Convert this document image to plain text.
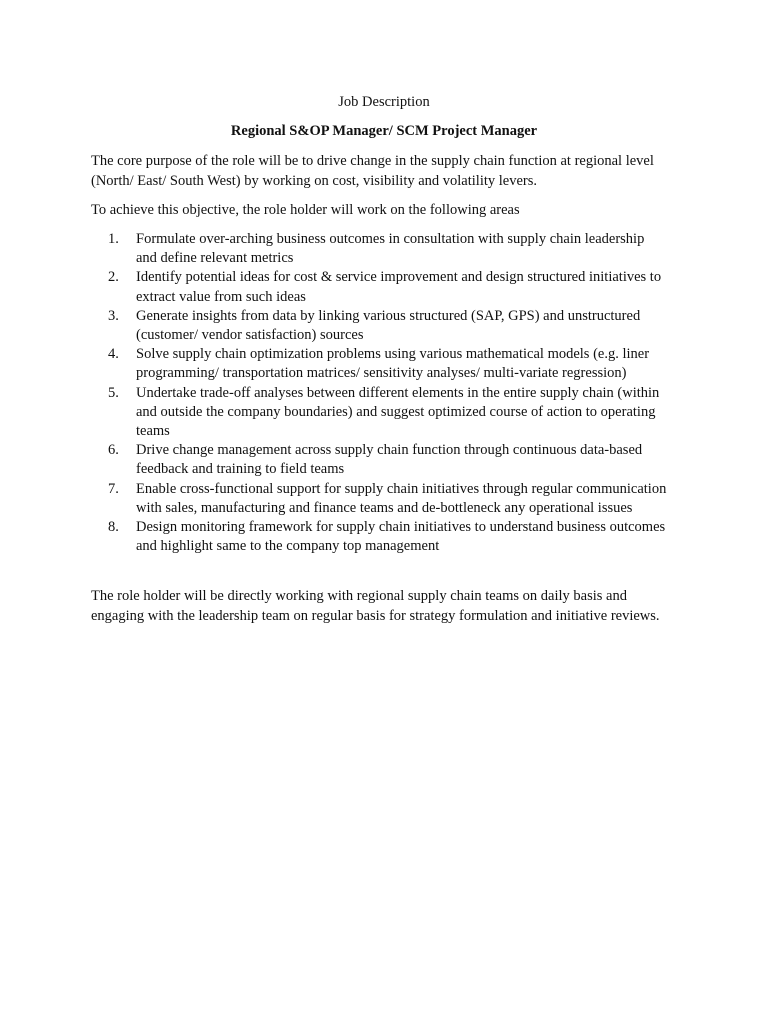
Job Description
Regional S&OP Manager/ SCM Project Manager

The core purpose of the role will be to drive change in the supply chain function at regional level (North/ East/ South West) by working on cost, visibility and volatility levers.

To achieve this objective, the role holder will work on the following areas

1.	Formulate over-arching business outcomes in consultation with supply chain leadership and define relevant metrics
2.	Identify potential ideas for cost & service improvement and design structured initiatives to extract value from such ideas
3.	Generate insights from data by linking various structured (SAP, GPS) and unstructured (customer/ vendor satisfaction) sources
4.	Solve supply chain optimization problems using various mathematical models (e.g. liner programming/ transportation matrices/ sensitivity analyses/ multi-variate regression)
5.	Undertake trade-off analyses between different elements in the entire supply chain (within and outside the company boundaries) and suggest optimized course of action to operating teams
6.	Drive change management across supply chain function through continuous data-based feedback and training to field teams
7.	Enable cross-functional support for supply chain initiatives through regular communication with sales, manufacturing and finance teams and de-bottleneck any operational issues
8.	Design monitoring framework for supply chain initiatives to understand business outcomes and highlight same to the company top management

The role holder will be directly working with regional supply chain teams on daily basis and engaging with the leadership team on regular basis for strategy formulation and initiative reviews.
